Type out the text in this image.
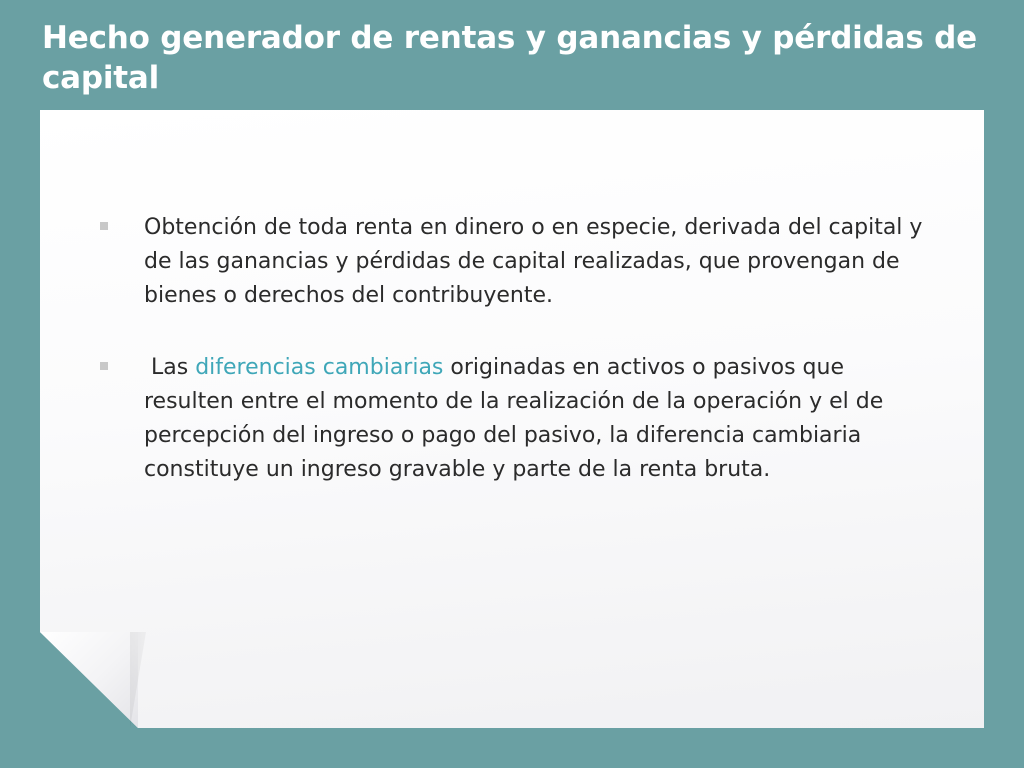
Hecho generador de rentas y ganancias y pérdidas de capital
Obtención de toda renta en dinero o en especie, derivada del capital y de las ganancias y pérdidas de capital realizadas, que provengan de bienes o derechos del contribuyente.
Las diferencias cambiarias originadas en activos o pasivos que resulten entre el momento de la realización de la operación y el de percepción del ingreso o pago del pasivo, la diferencia cambiaria constituye un ingreso gravable y parte de la renta bruta.
